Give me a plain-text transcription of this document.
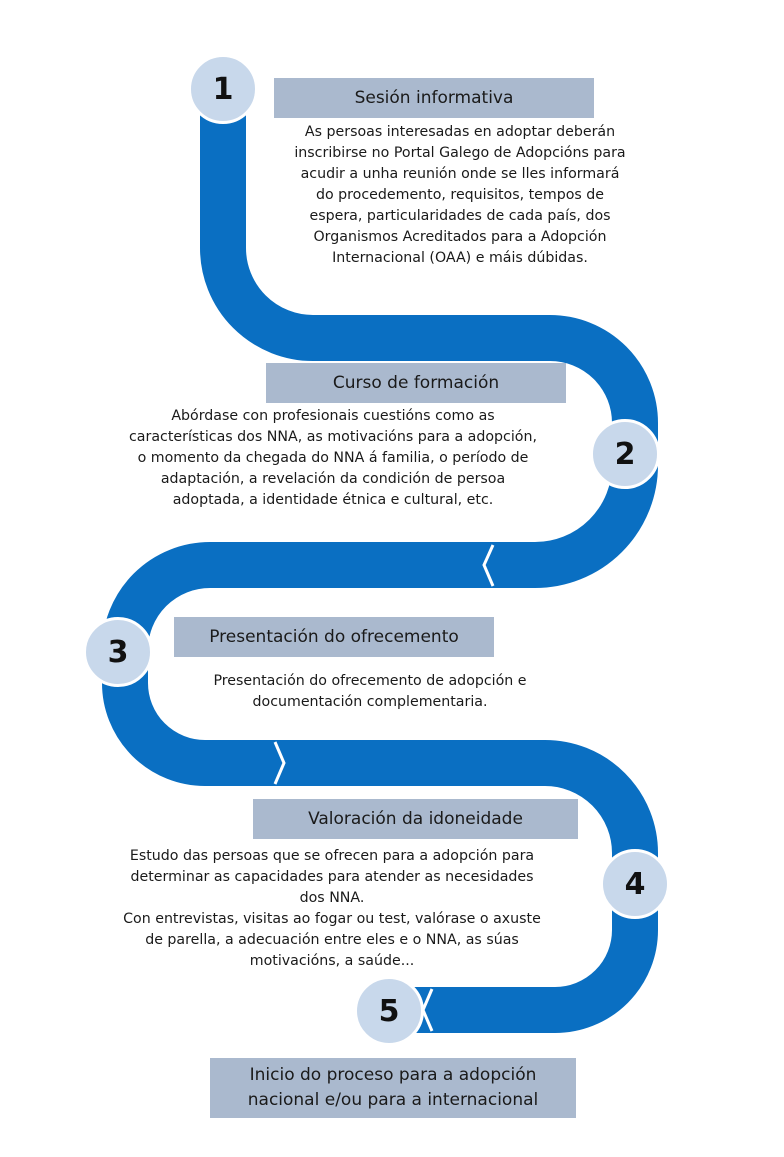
1	Sesión informativa
As persoas interesadas en adoptar deberán
inscribirse no Portal Galego de Adopcións para
acudir a unha reunión onde se lles informará
do procedemento, requisitos, tempos de
espera, particularidades de cada país, dos
Organismos Acreditados para a Adopción
Internacional (OAA) e máis dúbidas.
2
Curso de formación
Abórdase con profesionais cuestións como as
características dos NNA, as motivacións para a adopción,
o momento da chegada do NNA á familia, o período de
adaptación, a revelación da condición de persoa
adoptada, a identidade étnica e cultural, etc.
3	Presentación do ofrecemento
Presentación do ofrecemento de adopción e
documentación complementaria.
4
Valoración da idoneidade
Estudo das persoas que se ofrecen para a adopción para
determinar as capacidades para atender as necesidades
dos NNA.
Con entrevistas, visitas ao fogar ou test, valórase o axuste
de parella, a adecuación entre eles e o NNA, as súas
motivacións, a saúde...
5
Inicio do proceso para a adopción
nacional e/ou para a internacional
